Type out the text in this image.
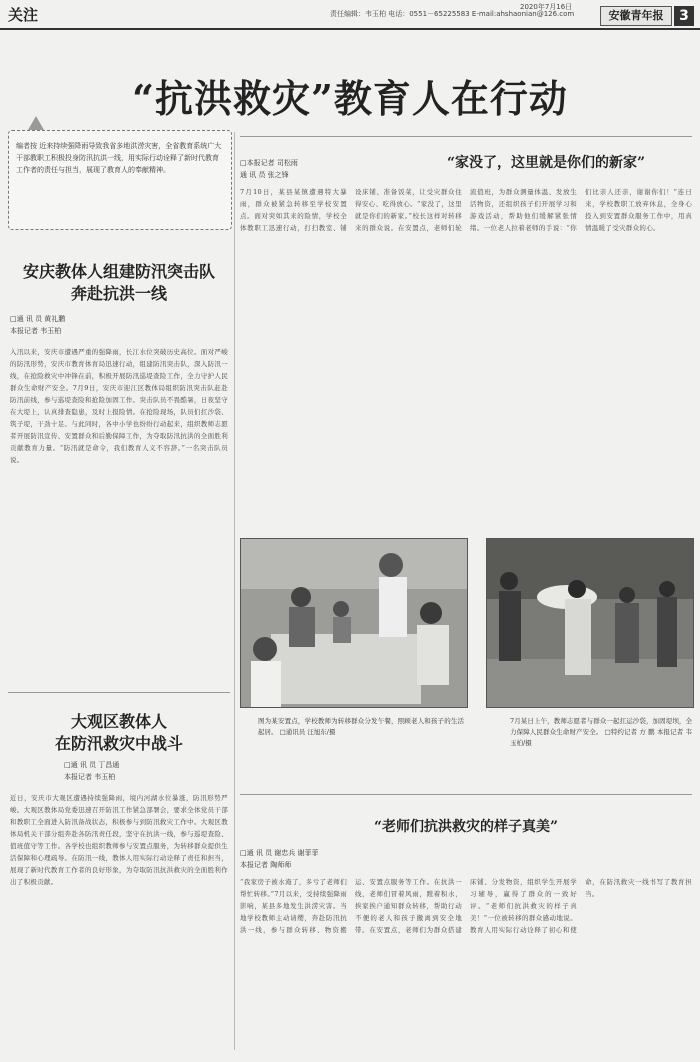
关注	2020年7月16日
责任编辑：韦玉柏 电话：0551－65225583 E-mail:ahshaonian@126.com	安徽青年报	3
“抗洪救灾”教育人在行动
编者按 近来持续强降雨导致我省多地洪涝灾害，全省教育系统广大干部教职工积极投身防汛抗洪一线，用实际行动诠释了新时代教育工作者的责任与担当，展现了教育人的奉献精神。
安庆教体人组建防汛突击队
奔赴抗洪一线
□通 讯 员 黄礼鹏
本报记者 韦玉柏
入汛以来，安庆市遭遇严重的强降雨，长江水位突破历史高位。面对严峻的防汛形势，安庆市教育体育局迅速行动，组建防汛突击队，深入防汛一线，在抢险救灾中冲锋在前，积极开展防汛巡堤查险工作，全力守护人民群众生命财产安全。7月9日，安庆市迎江区教体局组织防汛突击队赶赴防汛前线，参与巡堤查险和抢险加固工作。突击队员不畏酷暑，日夜坚守在大堤上，认真排查隐患，及时上报险情。在抢险现场，队员们扛沙袋、筑子堤，干劲十足。与此同时，各中小学也纷纷行动起来，组织教师志愿者开展防汛宣传、安置群众和后勤保障工作，为夺取防汛抗洪的全面胜利贡献教育力量。“防汛就是命令，我们教育人义不容辞。”一名突击队员说。
大观区教体人
在防汛救灾中战斗
□通 讯 员 丁昌通
本报记者 韦玉柏
近日，安庆市大观区遭遇持续强降雨，境内河湖水位暴涨，防汛形势严峻。大观区教体局党委迅速召开防汛工作紧急部署会，要求全体党员干部和教职工全面进入防汛备战状态，积极参与到防汛救灾工作中。大观区教体局机关干部分组奔赴各防汛责任段，坚守在抗洪一线，参与巡堤查险、值班值守等工作。各学校也组织教师参与安置点服务，为转移群众提供生活保障和心理疏导。在防汛一线，教体人用实际行动诠释了责任和担当，展现了新时代教育工作者的良好形象，为夺取防汛抗洪救灾的全面胜利作出了积极贡献。
□本报记者 司松雨
通 讯 员 张之锋
“家没了，这里就是你们的新家”
7月10日，某县某镇遭遇特大暴雨，群众被紧急转移至学校安置点。面对突如其来的险情，学校全体教职工迅速行动，打扫教室、铺设床铺、准备饭菜，让受灾群众住得安心、吃得放心。“家没了，这里就是你们的新家。”校长这样对转移来的群众说。在安置点，老师们轮流值班，为群众测量体温、发放生活物资，还组织孩子们开展学习和游戏活动，帮助他们缓解紧张情绪。一位老人拉着老师的手说：“你们比亲人还亲，谢谢你们！”连日来，学校教职工放弃休息，全身心投入到安置群众服务工作中，用真情温暖了受灾群众的心。
图为某安置点，学校教师为转移群众分发午餐，照顾老人和孩子的生活起居。 □通讯员 汪旭东/摄
7月某日上午，教师志愿者与群众一起扛运沙袋，加固堤坝，全力保障人民群众生命财产安全。 □特约记者 方 鹏 本报记者 韦玉柏/摄
“老师们抗洪救灾的样子真美”
□通 讯 员 谢忠兵 谢菲菲
本报记者 陶师师
“我家房子被水淹了，多亏了老师们帮忙转移。”7月以来，受持续强降雨影响，某县多地发生洪涝灾害。当地学校教师主动请缨，奔赴防汛抗洪一线，参与群众转移、物资搬运、安置点服务等工作。在抗洪一线，老师们冒着风雨，蹚着积水，挨家挨户通知群众转移，帮助行动不便的老人和孩子撤离到安全地带。在安置点，老师们为群众搭建床铺、分发物资，组织学生开展学习辅导，赢得了群众的一致好评。“老师们抗洪救灾的样子真美！”一位被转移的群众感动地说。教育人用实际行动诠释了初心和使命，在防汛救灾一线书写了教育担当。
